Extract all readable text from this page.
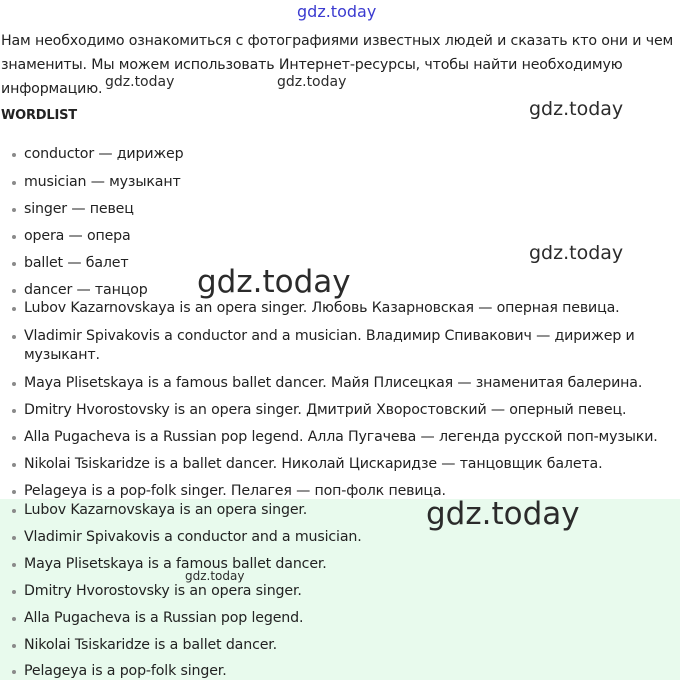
Нам необходимо ознакомиться с фотографиями известных людей и сказать кто они и чем знамениты. Мы можем использовать Интернет-ресурсы, чтобы найти необходимую информацию.

WORDLIST
conductor — дирижер
musician — музыкант
singer — певец
opera — опера
ballet — балет
dancer — танцор
Lubov Kazarnovskaya is an opera singer. Любовь Казарновская — оперная певица.
Vladimir Spivakovis a conductor and a musician. Владимир Спивакович — дирижер и музыкант.
Maya Plisetskaya is a famous ballet dancer. Майя Плисецкая — знаменитая балерина.
Dmitry Hvorostovsky is an opera singer. Дмитрий Хворостовский — оперный певец.
Alla Pugacheva is a Russian pop legend. Алла Пугачева — легенда русской поп-музыки.
Nikolai Tsiskaridze is a ballet dancer. Николай Цискаридзе — танцовщик балета.
Pelageya is a pop-folk singer. Пелагея — поп-фолк певица.
Lubov Kazarnovskaya is an opera singer.
Vladimir Spivakovis a conductor and a musician.
Maya Plisetskaya is a famous ballet dancer.
Dmitry Hvorostovsky is an opera singer.
Alla Pugacheva is a Russian pop legend.
Nikolai Tsiskaridze is a ballet dancer.
Pelageya is a pop-folk singer.
gdz.today
gdz.today	gdz.today
gdz.today
gdz.today
gdz.today
gdz.today
gdz.today
